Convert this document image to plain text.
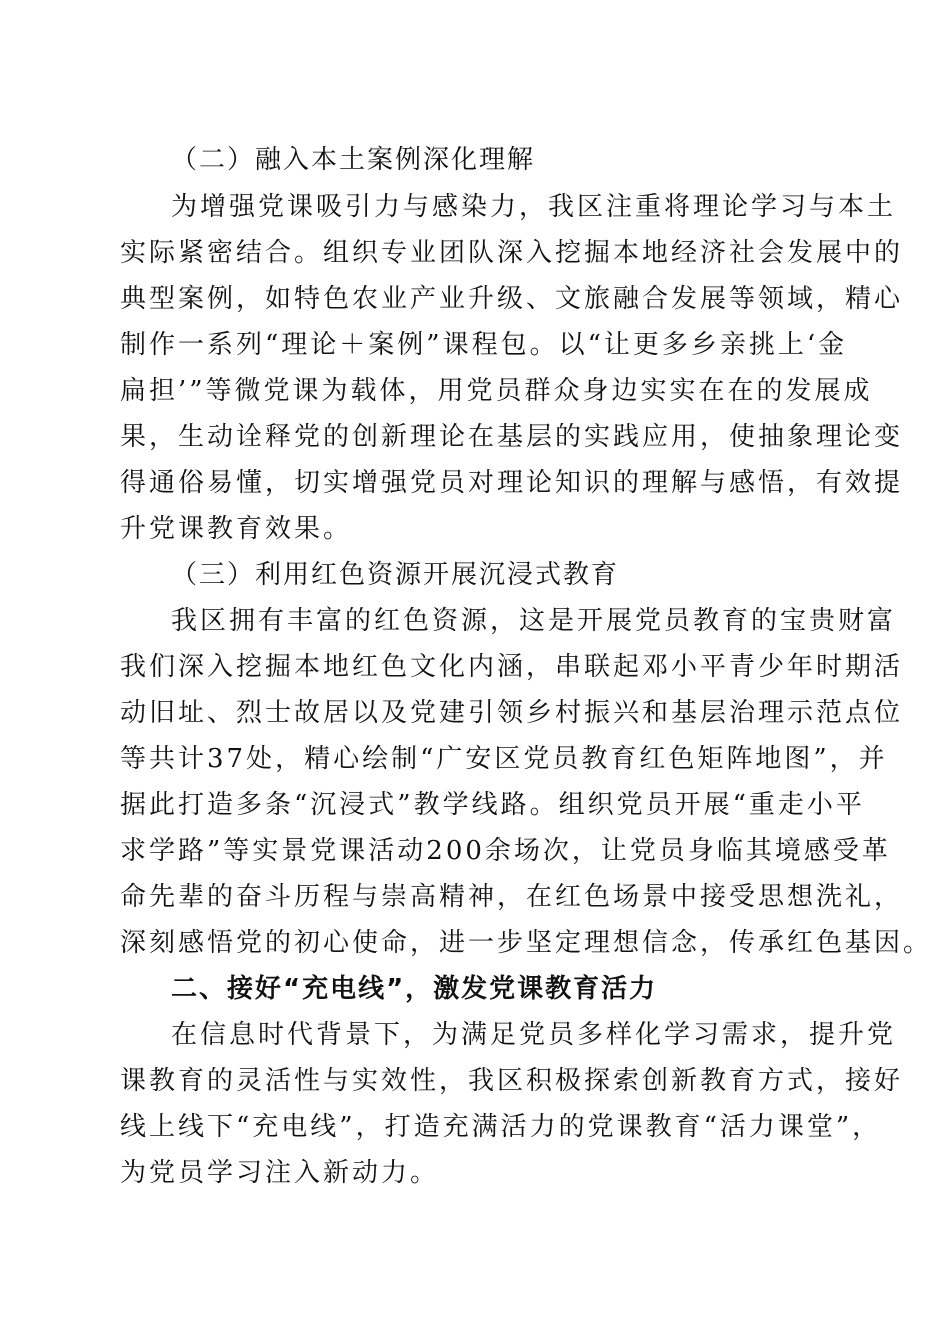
（二）融入本土案例深化理解
为增强党课吸引力与感染力，我区注重将理论学习与本土
实际紧密结合。组织专业团队深入挖掘本地经济社会发展中的
典型案例，如特色农业产业升级、文旅融合发展等领域，精心
制作一系列“理论＋案例”课程包。以“让更多乡亲挑上‘金
扁担’”等微党课为载体，用党员群众身边实实在在的发展成
果，生动诠释党的创新理论在基层的实践应用，使抽象理论变
得通俗易懂，切实增强党员对理论知识的理解与感悟，有效提
升党课教育效果。
（三）利用红色资源开展沉浸式教育
我区拥有丰富的红色资源，这是开展党员教育的宝贵财富
我们深入挖掘本地红色文化内涵，串联起邓小平青少年时期活
动旧址、烈士故居以及党建引领乡村振兴和基层治理示范点位
等共计37处，精心绘制“广安区党员教育红色矩阵地图”，并
据此打造多条“沉浸式”教学线路。组织党员开展“重走小平
求学路”等实景党课活动200余场次，让党员身临其境感受革
命先辈的奋斗历程与崇高精神，在红色场景中接受思想洗礼，
深刻感悟党的初心使命，进一步坚定理想信念，传承红色基因。
二、接好“充电线”，激发党课教育活力
在信息时代背景下，为满足党员多样化学习需求，提升党
课教育的灵活性与实效性，我区积极探索创新教育方式，接好
线上线下“充电线”，打造充满活力的党课教育“活力课堂”，
为党员学习注入新动力。
